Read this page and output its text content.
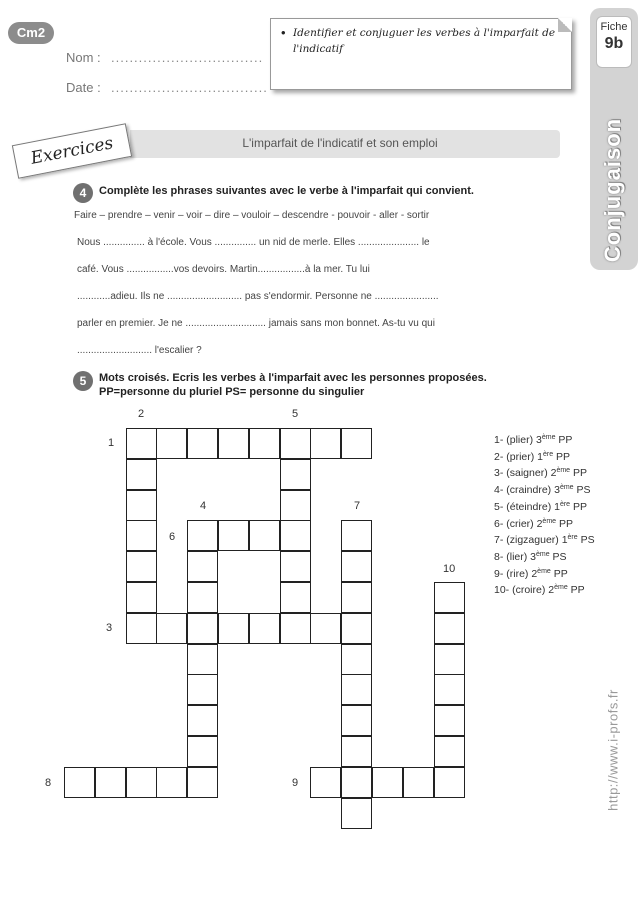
Cm2
Nom : .................................
Date : ..................................
• Identifier et conjuguer les verbes à l'imparfait de l'indicatif
Fiche
9b
Conjugaison
L'imparfait de l'indicatif et son emploi
Exercices
4	Complète les phrases suivantes avec le verbe à l'imparfait qui convient.
Faire – prendre – venir – voir – dire – vouloir – descendre - pouvoir - aller - sortir
Nous ............... à l'école. Vous ............... un nid de merle. Elles ...................... le
café. Vous .................vos devoirs. Martin.................à la mer. Tu lui
............adieu. Ils ne ........................... pas s'endormir. Personne ne .......................
parler en premier. Je ne ............................. jamais sans mon bonnet. As-tu vu qui
........................... l'escalier ?
5	Mots croisés. Ecris les verbes à l'imparfait avec les personnes proposées.
PP=personne du pluriel PS= personne du singulier
1
2
3
4
5
6
7
8	9
10
1- (plier) 3ème PP
2- (prier) 1ère PP
3- (saigner) 2ème PP
4- (craindre) 3ème PS
5- (éteindre) 1ère PP
6- (crier) 2ème PP
7- (zigzaguer) 1ère PS
8- (lier) 3ème PS
9- (rire) 2ème PP
10- (croire) 2ème PP
http://www.i-profs.fr
